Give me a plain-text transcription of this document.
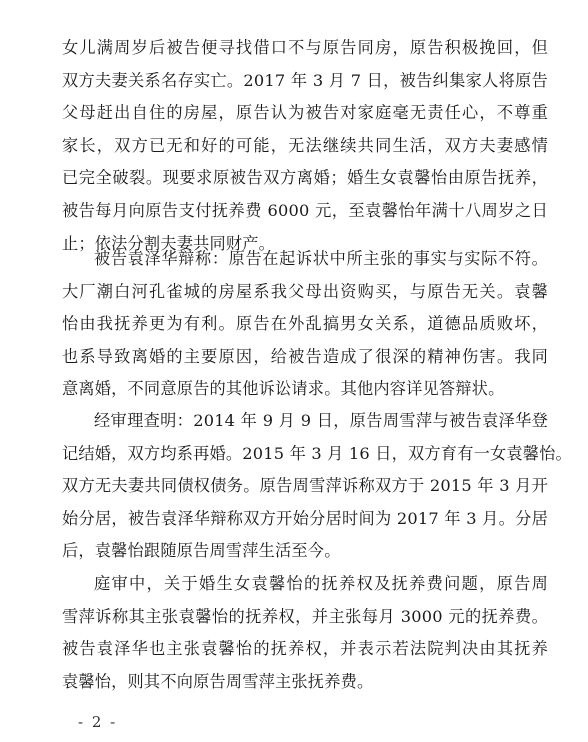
女儿满周岁后被告便寻找借口不与原告同房，原告积极挽回，但
双方夫妻关系名存实亡。2017 年 3 月 7 日，被告纠集家人将原告
父母赶出自住的房屋，原告认为被告对家庭毫无责任心，不尊重
家长，双方已无和好的可能，无法继续共同生活，双方夫妻感情
已完全破裂。现要求原被告双方离婚；婚生女袁馨怡由原告抚养，
被告每月向原告支付抚养费 6000 元，至袁馨怡年满十八周岁之日
止；依法分割夫妻共同财产。
被告袁泽华辩称：原告在起诉状中所主张的事实与实际不符。
大厂潮白河孔雀城的房屋系我父母出资购买，与原告无关。袁馨
怡由我抚养更为有利。原告在外乱搞男女关系，道德品质败坏，
也系导致离婚的主要原因，给被告造成了很深的精神伤害。我同
意离婚，不同意原告的其他诉讼请求。其他内容详见答辩状。
经审理查明：2014 年 9 月 9 日，原告周雪萍与被告袁泽华登
记结婚，双方均系再婚。2015 年 3 月 16 日，双方育有一女袁馨怡。
双方无夫妻共同债权债务。原告周雪萍诉称双方于 2015 年 3 月开
始分居，被告袁泽华辩称双方开始分居时间为 2017 年 3 月。分居
后，袁馨怡跟随原告周雪萍生活至今。
庭审中，关于婚生女袁馨怡的抚养权及抚养费问题，原告周
雪萍诉称其主张袁馨怡的抚养权，并主张每月 3000 元的抚养费。
被告袁泽华也主张袁馨怡的抚养权，并表示若法院判决由其抚养
袁馨怡，则其不向原告周雪萍主张抚养费。
- 2 -
